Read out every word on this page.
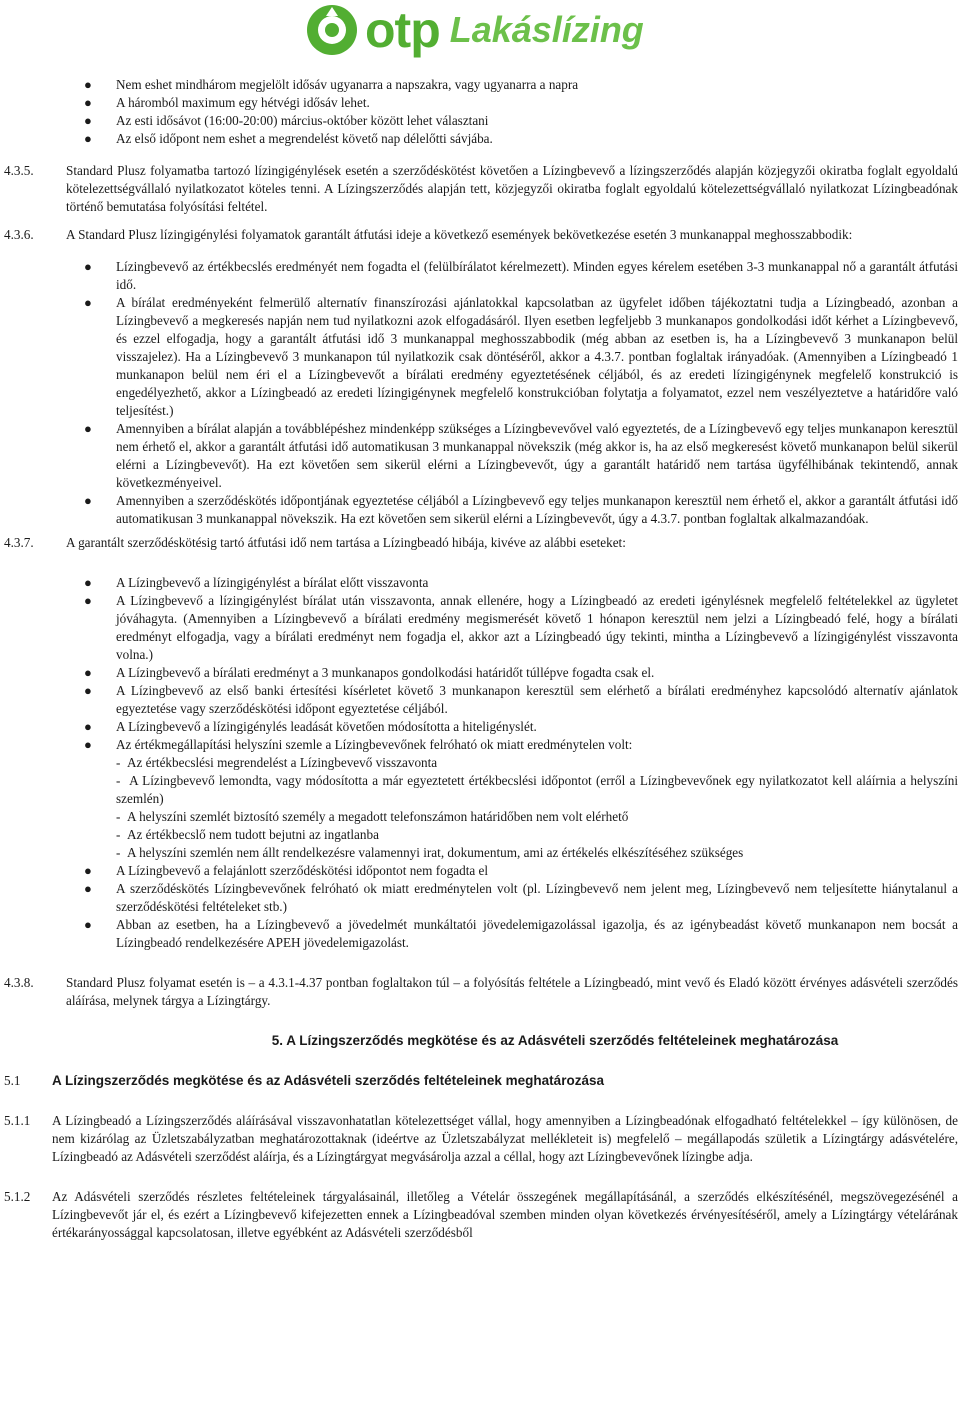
otp Lakáslízing
● Nem eshet mindhárom megjelölt idősáv ugyanarra a napszakra, vagy ugyanarra a napra
● A háromból maximum egy hétvégi idősáv lehet.
● Az esti idősávot (16:00-20:00) március-október között lehet választani
● Az első időpont nem eshet a megrendelést követő nap délelőtti sávjába.
4.3.5. Standard Plusz folyamatba tartozó lízingigénylések esetén a szerződéskötést követően a Lízingbevevő a lízingszerződés alapján közjegyzői okiratba foglalt egyoldalú kötelezettségvállaló nyilatkozatot köteles tenni. A Lízingszerződés alapján tett, közjegyzői okiratba foglalt egyoldalú kötelezettségvállaló nyilatkozat Lízingbeadónak történő bemutatása folyósítási feltétel.
4.3.6. A Standard Plusz lízingigénylési folyamatok garantált átfutási ideje a következő események bekövetkezése esetén 3 munkanappal meghosszabbodik:
● Lízingbevevő az értékbecslés eredményét nem fogadta el (felülbírálatot kérelmezett). Minden egyes kérelem esetében 3-3 munkanappal nő a garantált átfutási idő.
● A bírálat eredményeként felmerülő alternatív finanszírozási ajánlatokkal kapcsolatban az ügyfelet időben tájékoztatni tudja a Lízingbeadó, azonban a Lízingbevevő a megkeresés napján nem tud nyilatkozni azok elfogadásáról. Ilyen esetben legfeljebb 3 munkanapos gondolkodási időt kérhet a Lízingbevevő, és ezzel elfogadja, hogy a garantált átfutási idő 3 munkanappal meghosszabbodik (még abban az esetben is, ha a Lízingbevevő 3 munkanapon belül visszajelez). Ha a Lízingbevevő 3 munkanapon túl nyilatkozik csak döntéséről, akkor a 4.3.7. pontban foglaltak irányadóak. (Amennyiben a Lízingbeadó 1 munkanapon belül nem éri el a Lízingbevevőt a bírálati eredmény egyeztetésének céljából, és az eredeti lízingigénynek megfelelő konstrukció is engedélyezhető, akkor a Lízingbeadó az eredeti lízingigénynek megfelelő konstrukcióban folytatja a folyamatot, ezzel nem veszélyeztetve a határidőre való teljesítést.)
● Amennyiben a bírálat alapján a továbblépéshez mindenképp szükséges a Lízingbevevővel való egyeztetés, de a Lízingbevevő egy teljes munkanapon keresztül nem érhető el, akkor a garantált átfutási idő automatikusan 3 munkanappal növekszik (még akkor is, ha az első megkeresést követő munkanapon belül sikerül elérni a Lízingbevevőt). Ha ezt követően sem sikerül elérni a Lízingbevevőt, úgy a garantált határidő nem tartása ügyfélhibának tekintendő, annak következményeivel.
● Amennyiben a szerződéskötés időpontjának egyeztetése céljából a Lízingbevevő egy teljes munkanapon keresztül nem érhető el, akkor a garantált átfutási idő automatikusan 3 munkanappal növekszik. Ha ezt követően sem sikerül elérni a Lízingbevevőt, úgy a 4.3.7. pontban foglaltak alkalmazandóak.
4.3.7. A garantált szerződéskötésig tartó átfutási idő nem tartása a Lízingbeadó hibája, kivéve az alábbi eseteket:
● A Lízingbevevő a lízingigénylést a bírálat előtt visszavonta
● A Lízingbevevő a lízingigénylést bírálat után visszavonta, annak ellenére, hogy a Lízingbeadó az eredeti igénylésnek megfelelő feltételekkel az ügyletet jóváhagyta. (Amennyiben a Lízingbevevő a bírálati eredmény megismerését követő 1 hónapon keresztül nem jelzi a Lízingbeadó felé, hogy a bírálati eredményt elfogadja, vagy a bírálati eredményt nem fogadja el, akkor azt a Lízingbeadó úgy tekinti, mintha a Lízingbevevő a lízingigénylést visszavonta volna.)
● A Lízingbevevő a bírálati eredményt a 3 munkanapos gondolkodási határidőt túllépve fogadta csak el.
● A Lízingbevevő az első banki értesítési kísérletet követő 3 munkanapon keresztül sem elérhető a bírálati eredményhez kapcsolódó alternatív ajánlatok egyeztetése vagy szerződéskötési időpont egyeztetése céljából.
● A Lízingbevevő a lízingigénylés leadását követően módosította a hiteligényslét.
● Az értékmegállapítási helyszíni szemle a Lízingbevevőnek felróható ok miatt eredménytelen volt:
- Az értékbecslési megrendelést a Lízingbevevő visszavonta
- A Lízingbevevő lemondta, vagy módosította a már egyeztetett értékbecslési időpontot (erről a Lízingbevevőnek egy nyilatkozatot kell aláírnia a helyszíni szemlén)
- A helyszíni szemlét biztosító személy a megadott telefonszámon határidőben nem volt elérhető
- Az értékbecslő nem tudott bejutni az ingatlanba
- A helyszíni szemlén nem állt rendelkezésre valamennyi irat, dokumentum, ami az értékelés elkészítéséhez szükséges
● A Lízingbevevő a felajánlott szerződéskötési időpontot nem fogadta el
● A szerződéskötés Lízingbevevőnek felróható ok miatt eredménytelen volt (pl. Lízingbevevő nem jelent meg, Lízingbevevő nem teljesítette hiánytalanul a szerződéskötési feltételeket stb.)
● Abban az esetben, ha a Lízingbevevő a jövedelmét munkáltatói jövedelemigazolással igazolja, és az igénybeadást követő munkanapon nem bocsát a Lízingbeadó rendelkezésére APEH jövedelemigazolást.
4.3.8. Standard Plusz folyamat esetén is – a 4.3.1-4.37 pontban foglaltakon túl – a folyósítás feltétele a Lízingbeadó, mint vevő és Eladó között érvényes adásvételi szerződés aláírása, melynek tárgya a Lízingtárgy.
5. A Lízingszerződés megkötése és az Adásvételi szerződés feltételeinek meghatározása
5.1 A Lízingszerződés megkötése és az Adásvételi szerződés feltételeinek meghatározása
5.1.1 A Lízingbeadó a Lízingszerződés aláírásával visszavonhatatlan kötelezettséget vállal, hogy amennyiben a Lízingbeadónak elfogadható feltételekkel – így különösen, de nem kizárólag az Üzletszabályzatban meghatározottaknak (ideértve az Üzletszabályzat mellékleteit is) megfelelő – megállapodás születik a Lízingtárgy adásvételére, Lízingbeadó az Adásvételi szerződést aláírja, és a Lízingtárgyat megvásárolja azzal a céllal, hogy azt Lízingbevevőnek lízingbe adja.
5.1.2 Az Adásvételi szerződés részletes feltételeinek tárgyalásainál, illetőleg a Vételár összegének megállapításánál, a szerződés elkészítésénél, megszövegezésénél a Lízingbevevőt jár el, és ezért a Lízingbevevő kifejezetten ennek a Lízingbeadóval szemben minden olyan következés érvényesítéséről, amely a Lízingtárgy vételárának értékarányossággal kapcsolatosan, illetve egyébként az Adásvételi szerződésből
